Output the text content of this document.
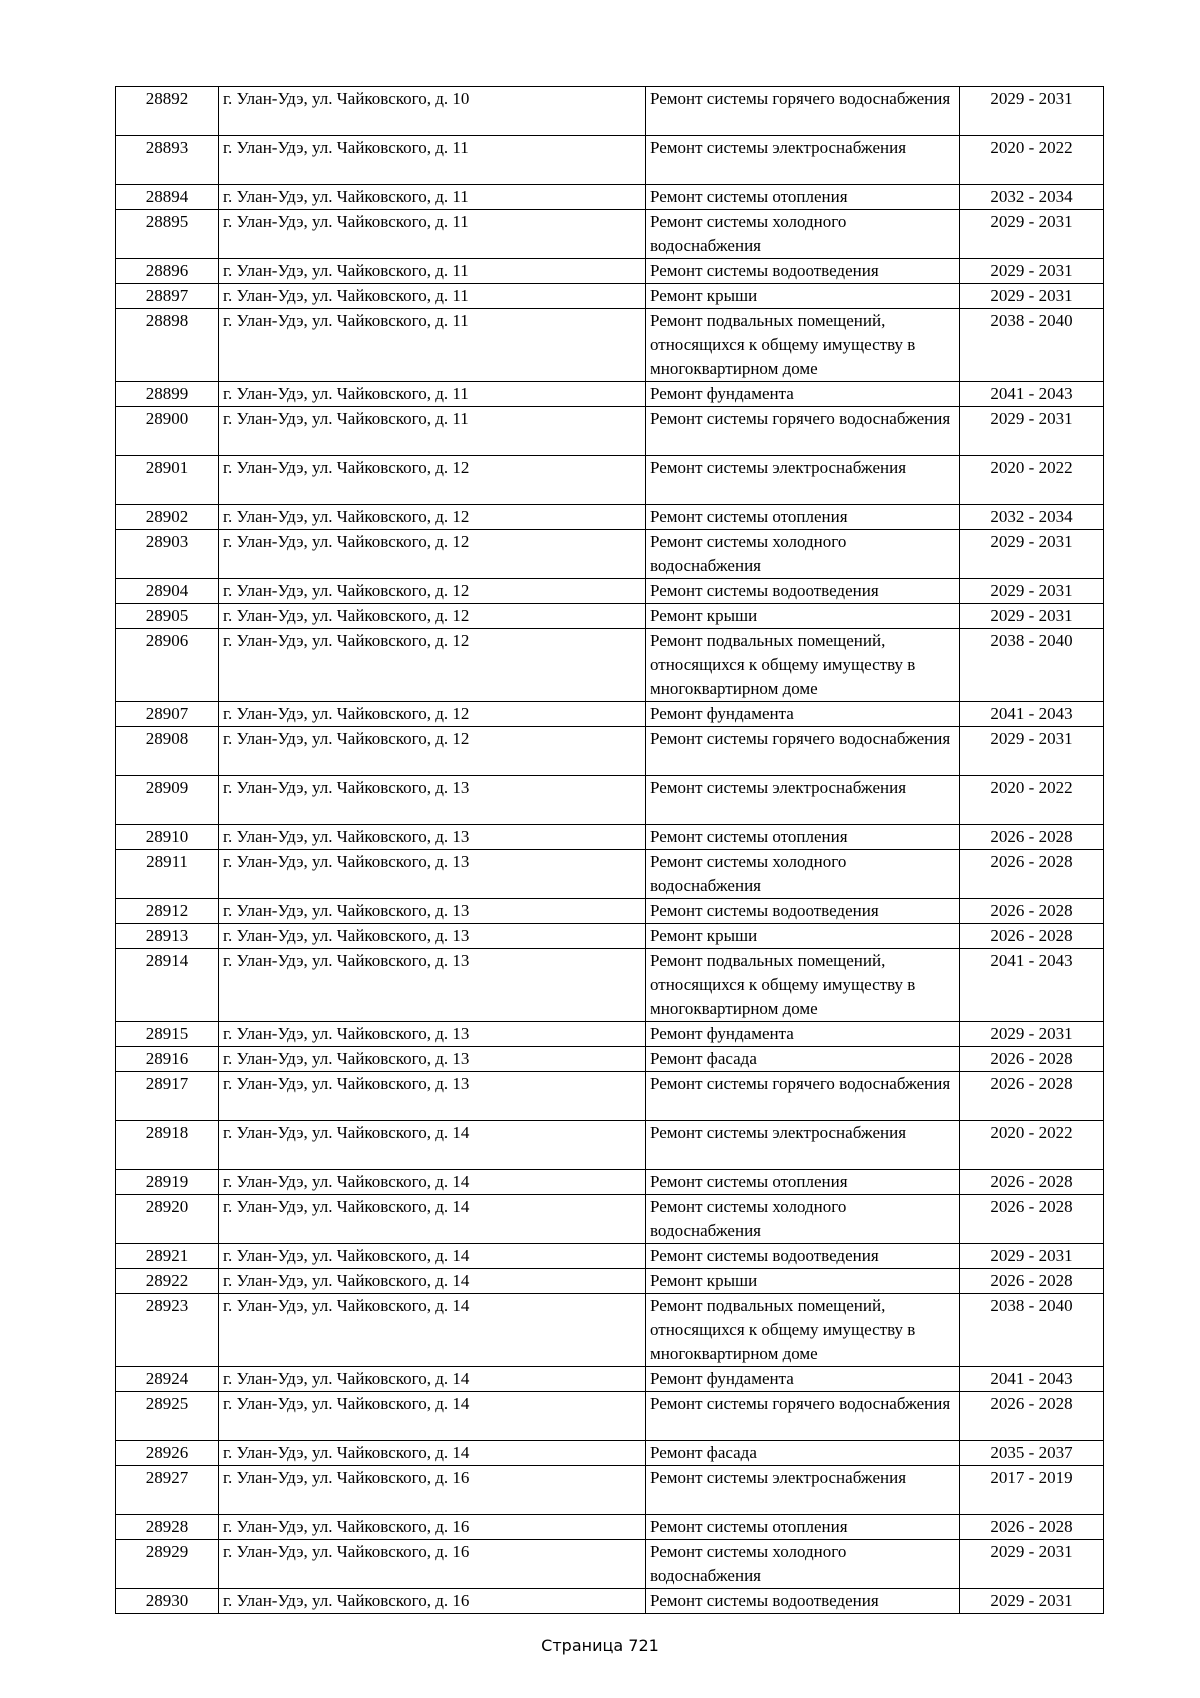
28892	г. Улан-Удэ, ул. Чайковского, д. 10	Ремонт системы горячего водоснабжения	2029 - 2031
28893	г. Улан-Удэ, ул. Чайковского, д. 11	Ремонт системы электроснабжения	2020 - 2022
28894	г. Улан-Удэ, ул. Чайковского, д. 11	Ремонт системы отопления	2032 - 2034
28895	г. Улан-Удэ, ул. Чайковского, д. 11	Ремонт системы холодного водоснабжения	2029 - 2031
28896	г. Улан-Удэ, ул. Чайковского, д. 11	Ремонт системы водоотведения	2029 - 2031
28897	г. Улан-Удэ, ул. Чайковского, д. 11	Ремонт крыши	2029 - 2031
28898	г. Улан-Удэ, ул. Чайковского, д. 11	Ремонт подвальных помещений, относящихся к общему имуществу в многоквартирном доме	2038 - 2040
28899	г. Улан-Удэ, ул. Чайковского, д. 11	Ремонт фундамента	2041 - 2043
28900	г. Улан-Удэ, ул. Чайковского, д. 11	Ремонт системы горячего водоснабжения	2029 - 2031
28901	г. Улан-Удэ, ул. Чайковского, д. 12	Ремонт системы электроснабжения	2020 - 2022
28902	г. Улан-Удэ, ул. Чайковского, д. 12	Ремонт системы отопления	2032 - 2034
28903	г. Улан-Удэ, ул. Чайковского, д. 12	Ремонт системы холодного водоснабжения	2029 - 2031
28904	г. Улан-Удэ, ул. Чайковского, д. 12	Ремонт системы водоотведения	2029 - 2031
28905	г. Улан-Удэ, ул. Чайковского, д. 12	Ремонт крыши	2029 - 2031
28906	г. Улан-Удэ, ул. Чайковского, д. 12	Ремонт подвальных помещений, относящихся к общему имуществу в многоквартирном доме	2038 - 2040
28907	г. Улан-Удэ, ул. Чайковского, д. 12	Ремонт фундамента	2041 - 2043
28908	г. Улан-Удэ, ул. Чайковского, д. 12	Ремонт системы горячего водоснабжения	2029 - 2031
28909	г. Улан-Удэ, ул. Чайковского, д. 13	Ремонт системы электроснабжения	2020 - 2022
28910	г. Улан-Удэ, ул. Чайковского, д. 13	Ремонт системы отопления	2026 - 2028
28911	г. Улан-Удэ, ул. Чайковского, д. 13	Ремонт системы холодного водоснабжения	2026 - 2028
28912	г. Улан-Удэ, ул. Чайковского, д. 13	Ремонт системы водоотведения	2026 - 2028
28913	г. Улан-Удэ, ул. Чайковского, д. 13	Ремонт крыши	2026 - 2028
28914	г. Улан-Удэ, ул. Чайковского, д. 13	Ремонт подвальных помещений, относящихся к общему имуществу в многоквартирном доме	2041 - 2043
28915	г. Улан-Удэ, ул. Чайковского, д. 13	Ремонт фундамента	2029 - 2031
28916	г. Улан-Удэ, ул. Чайковского, д. 13	Ремонт фасада	2026 - 2028
28917	г. Улан-Удэ, ул. Чайковского, д. 13	Ремонт системы горячего водоснабжения	2026 - 2028
28918	г. Улан-Удэ, ул. Чайковского, д. 14	Ремонт системы электроснабжения	2020 - 2022
28919	г. Улан-Удэ, ул. Чайковского, д. 14	Ремонт системы отопления	2026 - 2028
28920	г. Улан-Удэ, ул. Чайковского, д. 14	Ремонт системы холодного водоснабжения	2026 - 2028
28921	г. Улан-Удэ, ул. Чайковского, д. 14	Ремонт системы водоотведения	2029 - 2031
28922	г. Улан-Удэ, ул. Чайковского, д. 14	Ремонт крыши	2026 - 2028
28923	г. Улан-Удэ, ул. Чайковского, д. 14	Ремонт подвальных помещений, относящихся к общему имуществу в многоквартирном доме	2038 - 2040
28924	г. Улан-Удэ, ул. Чайковского, д. 14	Ремонт фундамента	2041 - 2043
28925	г. Улан-Удэ, ул. Чайковского, д. 14	Ремонт системы горячего водоснабжения	2026 - 2028
28926	г. Улан-Удэ, ул. Чайковского, д. 14	Ремонт фасада	2035 - 2037
28927	г. Улан-Удэ, ул. Чайковского, д. 16	Ремонт системы электроснабжения	2017 - 2019
28928	г. Улан-Удэ, ул. Чайковского, д. 16	Ремонт системы отопления	2026 - 2028
28929	г. Улан-Удэ, ул. Чайковского, д. 16	Ремонт системы холодного водоснабжения	2029 - 2031
28930	г. Улан-Удэ, ул. Чайковского, д. 16	Ремонт системы водоотведения	2029 - 2031
Страница 721
